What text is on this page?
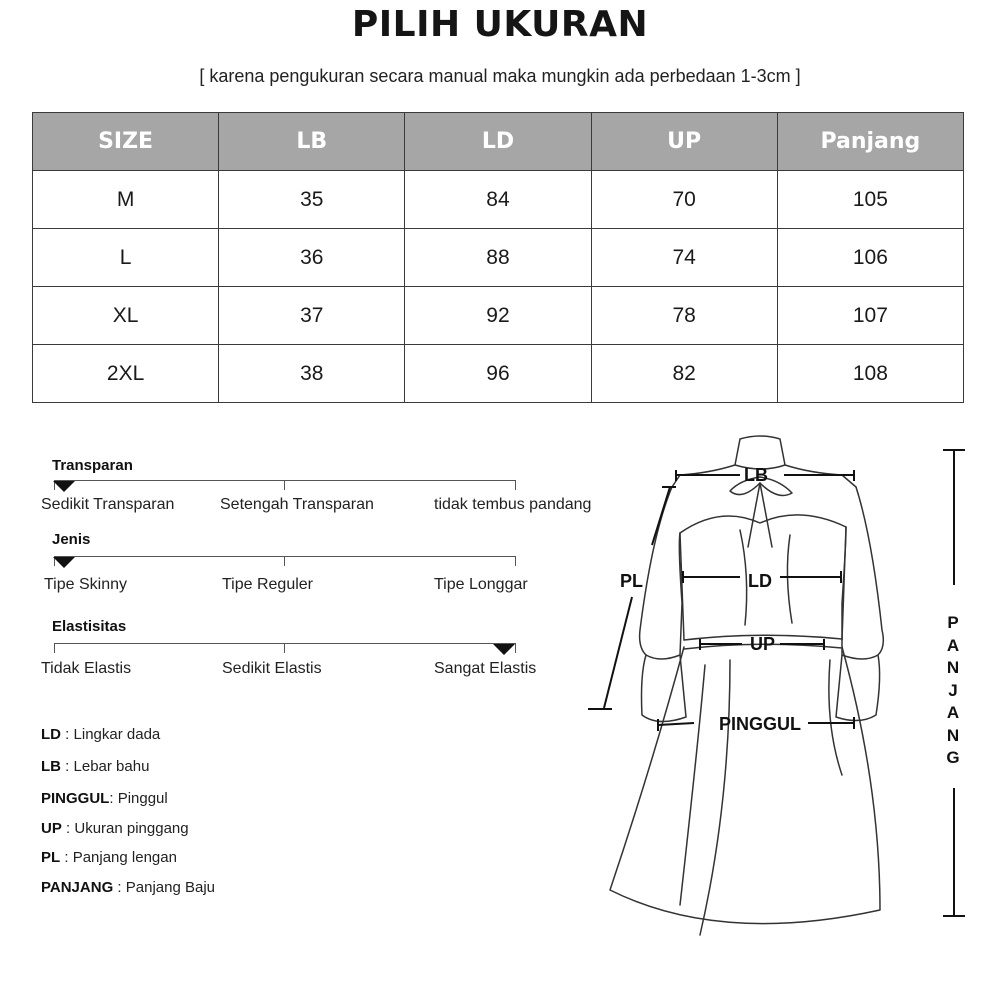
PILIH UKURAN
[ karena pengukuran secara manual maka mungkin ada perbedaan 1-3cm ]
SIZE	LB	LD	UP	Panjang
M	35	84	70	105
L	36	88	74	106
XL	37	92	78	107
2XL	38	96	82	108
Transparan
Sedikit Transparan	Setengah Transparan	tidak tembus pandang
Jenis
Tipe Skinny	Tipe Reguler	Tipe Longgar
Elastisitas
Tidak Elastis	Sedikit Elastis	Sangat Elastis
LD : Lingkar dada
LB : Lebar bahu
PINGGUL: Pinggul
UP : Ukuran pinggang
PL : Panjang lengan
PANJANG : Panjang Baju
LB
LD
UP
PL
PINGGUL
P
A
N
J
A
N
G
